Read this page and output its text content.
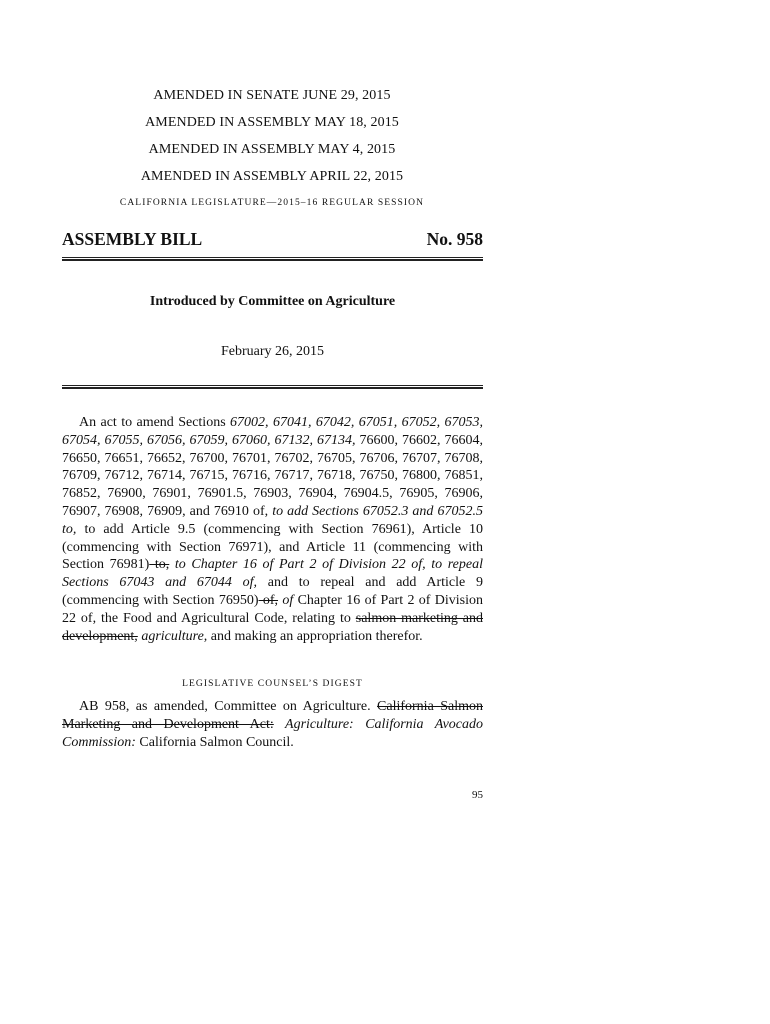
AMENDED IN SENATE JUNE 29, 2015
AMENDED IN ASSEMBLY MAY 18, 2015
AMENDED IN ASSEMBLY MAY 4, 2015
AMENDED IN ASSEMBLY APRIL 22, 2015
CALIFORNIA LEGISLATURE—2015–16 REGULAR SESSION
ASSEMBLY BILL	No. 958
Introduced by Committee on Agriculture
February 26, 2015

An act to amend Sections 67002, 67041, 67042, 67051, 67052, 67053, 67054, 67055, 67056, 67059, 67060, 67132, 67134, 76600, 76602, 76604, 76650, 76651, 76652, 76700, 76701, 76702, 76705, 76706, 76707, 76708, 76709, 76712, 76714, 76715, 76716, 76717, 76718, 76750, 76800, 76851, 76852, 76900, 76901, 76901.5, 76903, 76904, 76904.5, 76905, 76906, 76907, 76908, 76909, and 76910 of, to add Sections 67052.3 and 67052.5 to, to add Article 9.5 (commencing with Section 76961), Article 10 (commencing with Section 76971), and Article 11 (commencing with Section 76981) to, to Chapter 16 of Part 2 of Division 22 of, to repeal Sections 67043 and 67044 of, and to repeal and add Article 9 (commencing with Section 76950) of, of Chapter 16 of Part 2 of Division 22 of, the Food and Agricultural Code, relating to salmon marketing and development, agriculture, and making an appropriation therefor.

LEGISLATIVE COUNSEL’S DIGEST

AB 958, as amended, Committee on Agriculture. California Salmon Marketing and Development Act: Agriculture: California Avocado Commission: California Salmon Council.

95
